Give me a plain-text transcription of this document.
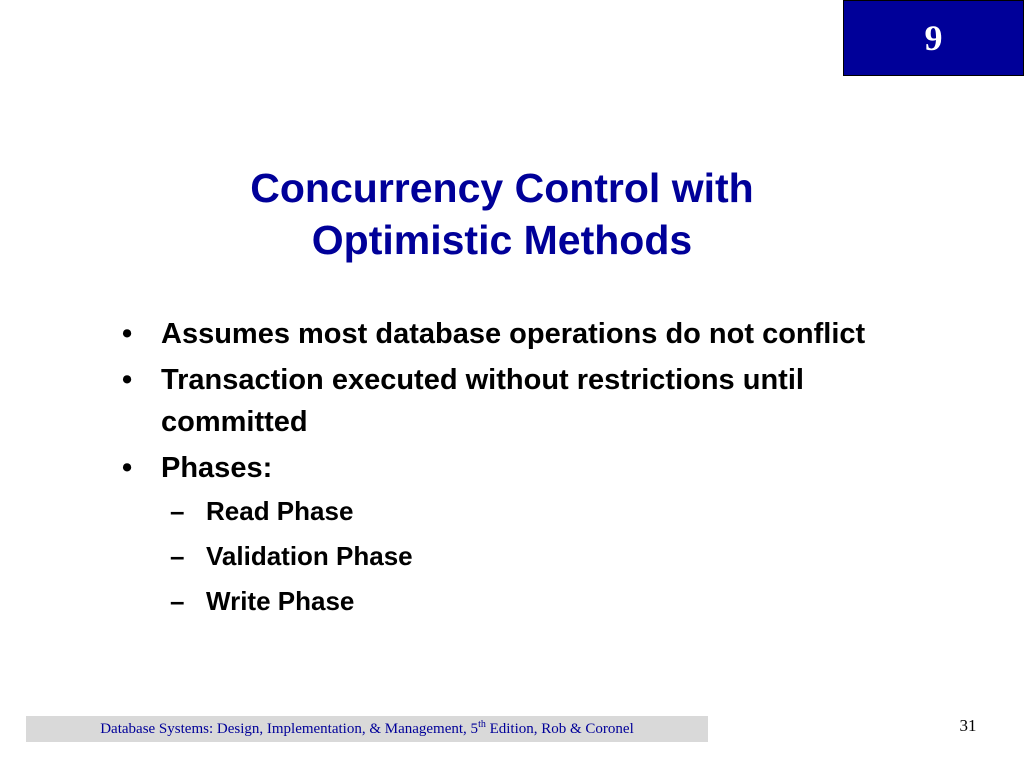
9
Concurrency Control with
Optimistic Methods
• Assumes most database operations do not conflict
• Transaction executed without restrictions until committed
• Phases:
– Read Phase
– Validation Phase
– Write Phase
Database Systems: Design, Implementation, & Management, 5th Edition, Rob & Coronel	31
